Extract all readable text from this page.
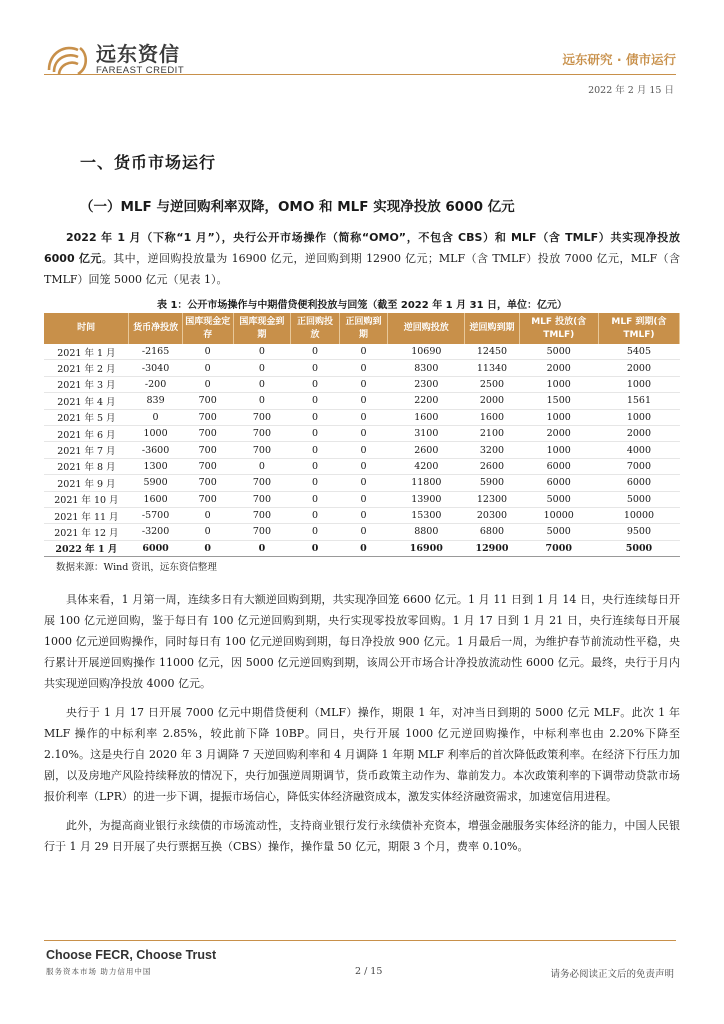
远东资信
FAREAST CREDIT
远东研究 · 债市运行
2022 年 2 月 15 日
一、货币市场运行
（一）MLF 与逆回购利率双降，OMO 和 MLF 实现净投放 6000 亿元

2022 年 1 月（下称“1 月”），央行公开市场操作（简称“OMO”，不包含 CBS）和 MLF（含 TMLF）共实现净投放 6000 亿元。其中，逆回购投放量为 16900 亿元，逆回购到期 12900 亿元；MLF（含 TMLF）投放 7000 亿元，MLF（含 TMLF）回笼 5000 亿元（见表 1）。

表 1：公开市场操作与中期借贷便利投放与回笼（截至 2022 年 1 月 31 日，单位：亿元）
时间	货币净投放	国库现金定存	国库现金到期	正回购投放	正回购到期	逆回购投放	逆回购到期	MLF 投放(含 TMLF)	MLF 到期(含 TMLF)
2021 年 1 月	-2165	0	0	0	0	10690	12450	5000	5405
2021 年 2 月	-3040	0	0	0	0	8300	11340	2000	2000
2021 年 3 月	-200	0	0	0	0	2300	2500	1000	1000
2021 年 4 月	839	700	0	0	0	2200	2000	1500	1561
2021 年 5 月	0	700	700	0	0	1600	1600	1000	1000
2021 年 6 月	1000	700	700	0	0	3100	2100	2000	2000
2021 年 7 月	-3600	700	700	0	0	2600	3200	1000	4000
2021 年 8 月	1300	700	0	0	0	4200	2600	6000	7000
2021 年 9 月	5900	700	700	0	0	11800	5900	6000	6000
2021 年 10 月	1600	700	700	0	0	13900	12300	5000	5000
2021 年 11 月	-5700	0	700	0	0	15300	20300	10000	10000
2021 年 12 月	-3200	0	700	0	0	8800	6800	5000	9500
2022 年 1 月	6000	0	0	0	0	16900	12900	7000	5000
数据来源：Wind 资讯，远东资信整理

具体来看，1 月第一周，连续多日有大额逆回购到期，共实现净回笼 6600 亿元。1 月 11 日到 1 月 14 日，央行连续每日开展 100 亿元逆回购，鉴于每日有 100 亿元逆回购到期，央行实现零投放零回购。1 月 17 日到 1 月 21 日，央行连续每日开展 1000 亿元逆回购操作，同时每日有 100 亿元逆回购到期，每日净投放 900 亿元。1 月最后一周，为维护春节前流动性平稳，央行累计开展逆回购操作 11000 亿元，因 5000 亿元逆回购到期，该周公开市场合计净投放流动性 6000 亿元。最终，央行于月内共实现逆回购净投放 4000 亿元。

央行于 1 月 17 日开展 7000 亿元中期借贷便利（MLF）操作，期限 1 年，对冲当日到期的 5000 亿元 MLF。此次 1 年 MLF 操作的中标利率 2.85%，较此前下降 10BP。同日，央行开展 1000 亿元逆回购操作，中标利率也由 2.20%下降至 2.10%。这是央行自 2020 年 3 月调降 7 天逆回购利率和 4 月调降 1 年期 MLF 利率后的首次降低政策利率。在经济下行压力加剧，以及房地产风险持续释放的情况下，央行加强逆周期调节，货币政策主动作为、靠前发力。本次政策利率的下调带动贷款市场报价利率（LPR）的进一步下调，提振市场信心，降低实体经济融资成本，激发实体经济融资需求，加速宽信用进程。

此外，为提高商业银行永续债的市场流动性，支持商业银行发行永续债补充资本，增强金融服务实体经济的能力，中国人民银行于 1 月 29 日开展了央行票据互换（CBS）操作，操作量 50 亿元，期限 3 个月，费率 0.10%。

Choose FECR, Choose Trust
服务资本市场 助力信用中国	2 / 15	请务必阅读正文后的免责声明
